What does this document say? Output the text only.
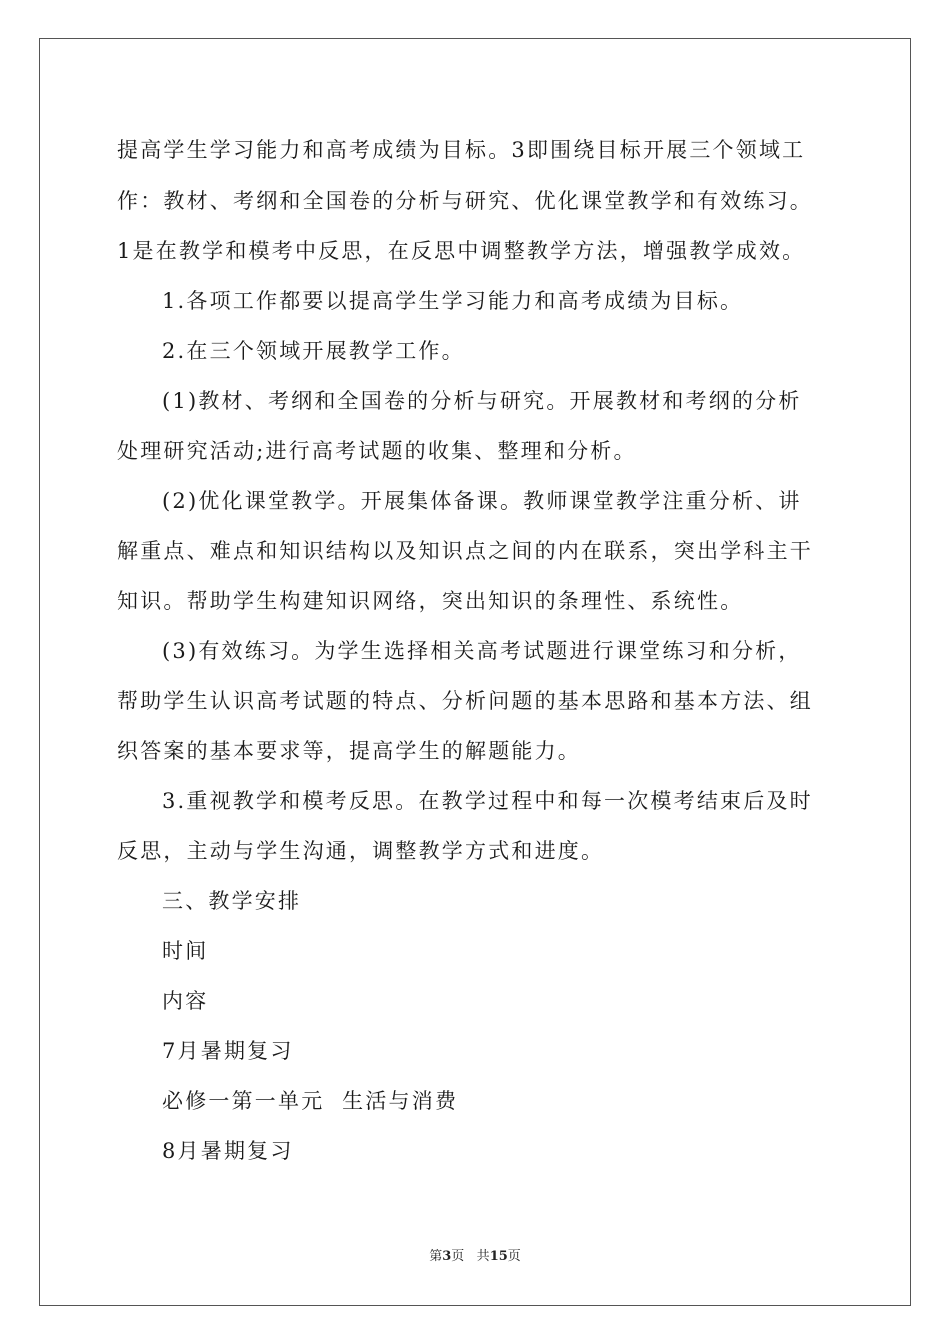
提高学生学习能力和高考成绩为目标。3即围绕目标开展三个领域工

作：教材、考纲和全国卷的分析与研究、优化课堂教学和有效练习。

1是在教学和模考中反思，在反思中调整教学方法，增强教学成效。

1.各项工作都要以提高学生学习能力和高考成绩为目标。

2.在三个领域开展教学工作。

(1)教材、考纲和全国卷的分析与研究。开展教材和考纲的分析

处理研究活动;进行高考试题的收集、整理和分析。

(2)优化课堂教学。开展集体备课。教师课堂教学注重分析、讲

解重点、难点和知识结构以及知识点之间的内在联系，突出学科主干

知识。帮助学生构建知识网络，突出知识的条理性、系统性。

(3)有效练习。为学生选择相关高考试题进行课堂练习和分析，

帮助学生认识高考试题的特点、分析问题的基本思路和基本方法、组

织答案的基本要求等，提高学生的解题能力。

3.重视教学和模考反思。在教学过程中和每一次模考结束后及时

反思，主动与学生沟通，调整教学方式和进度。

三、教学安排

时间

内容

7月暑期复习

必修一第一单元  生活与消费

8月暑期复习

第3页 共15页
